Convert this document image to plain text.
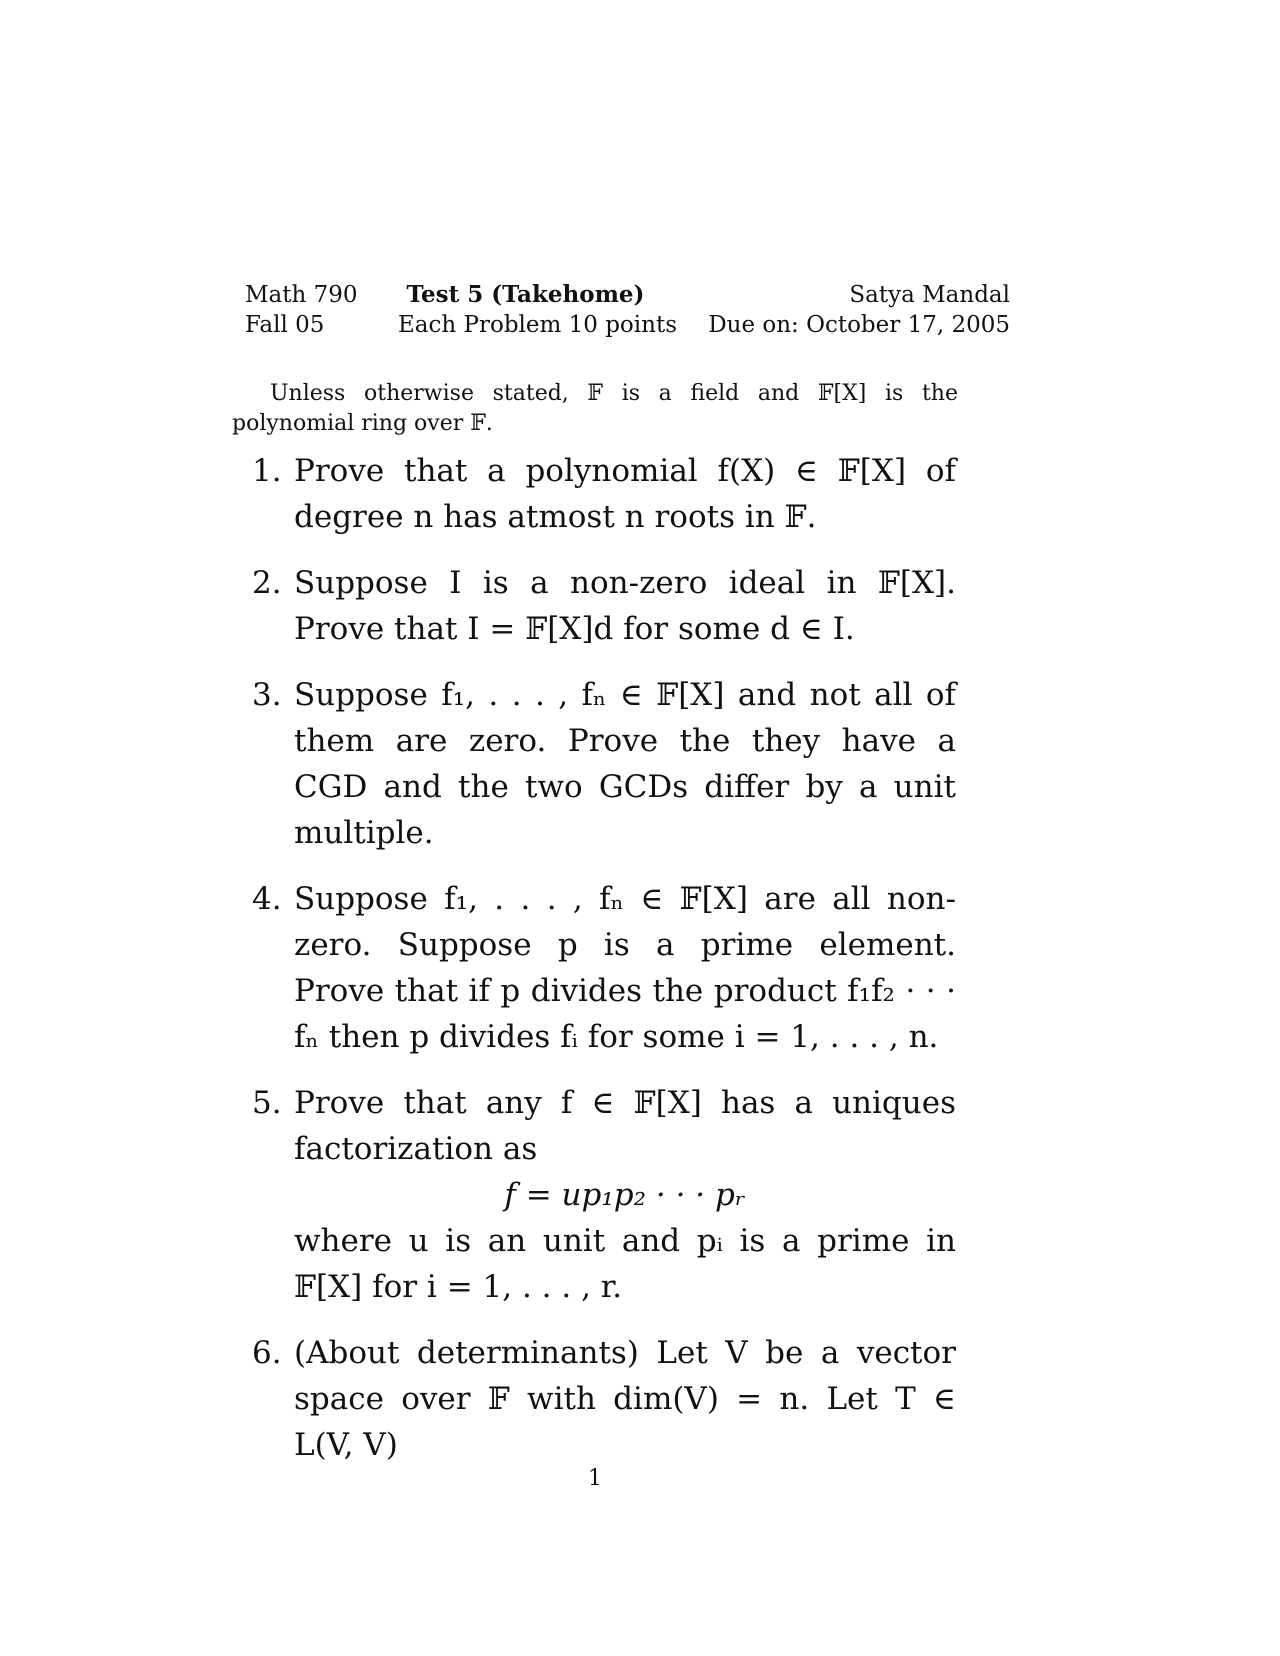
Math 790
Fall 05
Test 5 (Takehome)
Each Problem 10 points
Satya Mandal
Due on: October 17, 2005

Unless otherwise stated, 𝔽 is a field and 𝔽[X] is the polynomial ring over 𝔽.

1. Prove that a polynomial f(X) ∈ 𝔽[X] of degree n has atmost n roots in 𝔽.
2. Suppose I is a non-zero ideal in 𝔽[X]. Prove that I = 𝔽[X]d for some d ∈ I.
3. Suppose f₁, . . . , fₙ ∈ 𝔽[X] and not all of them are zero. Prove the they have a CGD and the two GCDs differ by a unit multiple.
4. Suppose f₁, . . . , fₙ ∈ 𝔽[X] are all non-zero. Suppose p is a prime element. Prove that if p divides the product f₁f₂ · · · fₙ then p divides fᵢ for some i = 1, . . . , n.
5. Prove that any f ∈ 𝔽[X] has a uniques factorization as
f = up₁p₂ · · · pᵣ
where u is an unit and pᵢ is a prime in 𝔽[X] for i = 1, . . . , r.
6. (About determinants) Let V be a vector space over 𝔽 with dim(V) = n. Let T ∈ L(V, V)
1
